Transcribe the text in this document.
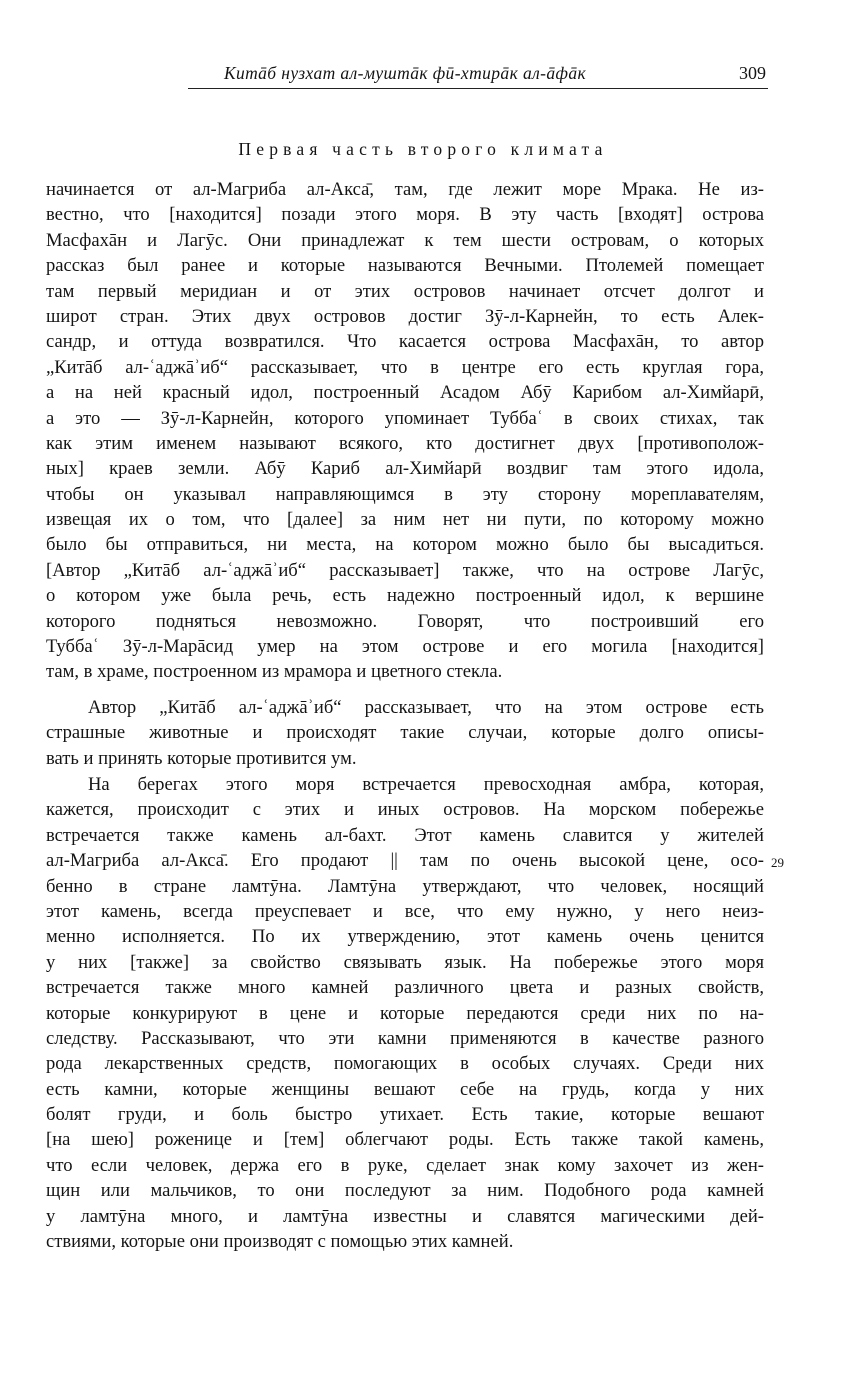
Китāб нузхат ал-муштāк фӣ-хтирāк ал-āфāк	309
Первая часть второго климата
начинается от ал-Магриба ал-Акса̄, там, где лежит море Мрака. Не из-
вестно, что [находится] позади этого моря. В эту часть [входят] острова
Масфахāн и Лагӯс. Они принадлежат к тем шести островам, о которых
рассказ был ранее и которые называются Вечными. Птолемей помещает
там первый меридиан и от этих островов начинает отсчет долгот и
широт стран. Этих двух островов достиг Зӯ-л-Карнейн, то есть Алек-
сандр, и оттуда возвратился. Что касается острова Масфахāн, то автор
„Китāб ал-ʿаджāʾиб“ рассказывает, что в центре его есть круглая гора,
а на ней красный идол, построенный Асадом Абӯ Карибом ал-Химйарӣ,
а это — Зӯ-л-Карнейн, которого упоминает Туббаʿ в своих стихах, так
как этим именем называют всякого, кто достигнет двух [противополож-
ных] краев земли. Абӯ Кариб ал-Химйарӣ воздвиг там этого идола,
чтобы он указывал направляющимся в эту сторону мореплавателям,
извещая их о том, что [далее] за ним нет ни пути, по которому можно
было бы отправиться, ни места, на котором можно было бы высадиться.
[Автор „Китāб ал-ʿаджāʾиб“ рассказывает] также, что на острове Лагӯс,
о котором уже была речь, есть надежно построенный идол, к вершине
которого подняться невозможно. Говорят, что построивший его
Туббаʿ Зӯ-л-Марāсид умер на этом острове и его могила [находится]
там, в храме, построенном из мрамора и цветного стекла.
Автор „Китāб ал-ʿаджāʾиб“ рассказывает, что на этом острове есть
страшные животные и происходят такие случаи, которые долго описы-
вать и принять которые противится ум.
На берегах этого моря встречается превосходная амбра, которая,
кажется, происходит с этих и иных островов. На морском побережье
встречается также камень ал-бахт. Этот камень славится у жителей
ал-Магриба ал-Акса̄. Его продают || там по очень высокой цене, осо-
бенно в стране ламтӯна. Ламтӯна утверждают, что человек, носящий
этот камень, всегда преуспевает и все, что ему нужно, у него неиз-
менно исполняется. По их утверждению, этот камень очень ценится
у них [также] за свойство связывать язык. На побережье этого моря
встречается также много камней различного цвета и разных свойств,
которые конкурируют в цене и которые передаются среди них по на-
следству. Рассказывают, что эти камни применяются в качестве разного
рода лекарственных средств, помогающих в особых случаях. Среди них
есть камни, которые женщины вешают себе на грудь, когда у них
болят груди, и боль быстро утихает. Есть такие, которые вешают
[на шею] роженице и [тем] облегчают роды. Есть также такой камень,
что если человек, держа его в руке, сделает знак кому захочет из жен-
щин или мальчиков, то они последуют за ним. Подобного рода камней
у ламтӯна много, и ламтӯна известны и славятся магическими дей-
ствиями, которые они производят с помощью этих камней.
29
